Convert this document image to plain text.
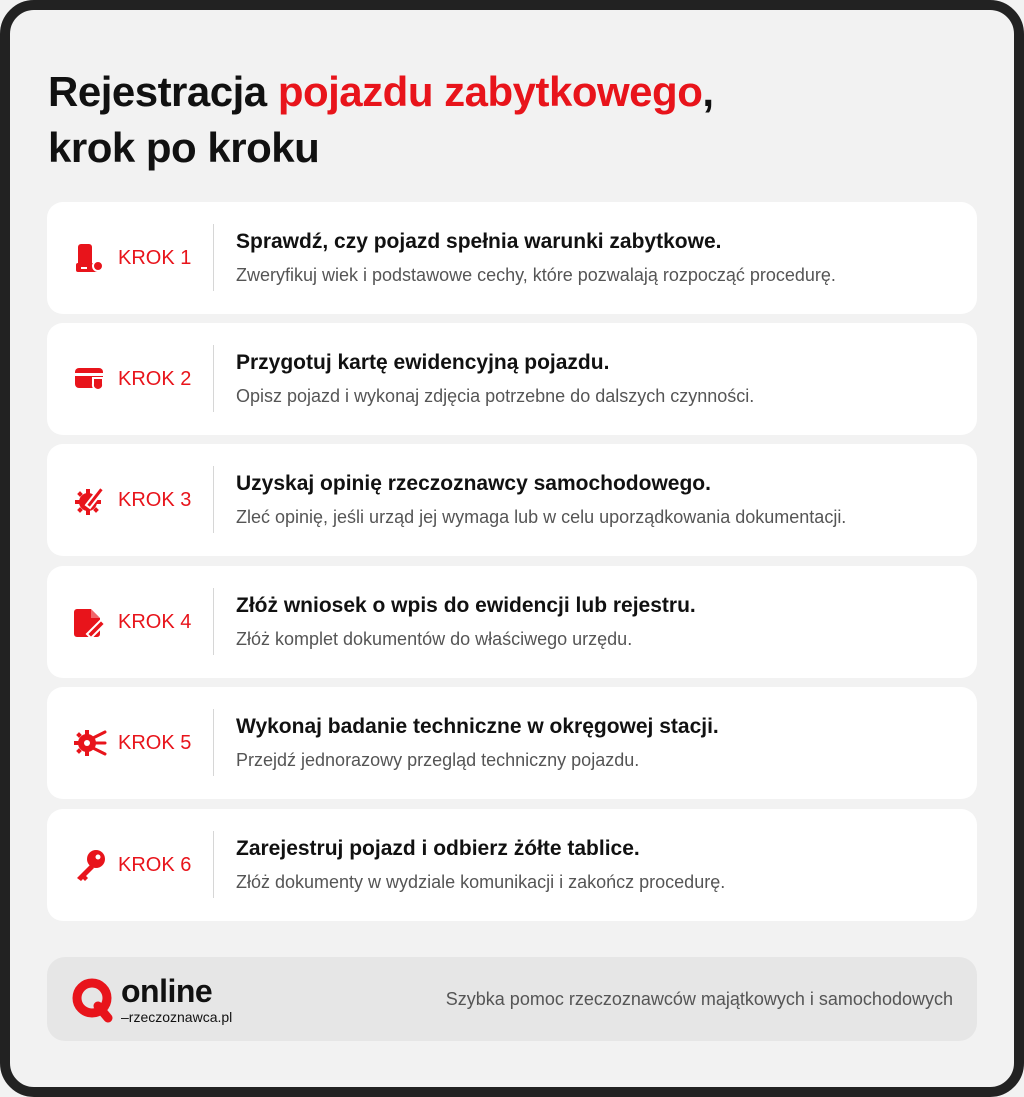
Rejestracja pojazdu zabytkowego,
krok po kroku
KROK 1
Sprawdź, czy pojazd spełnia warunki zabytkowe.
Zweryfikuj wiek i podstawowe cechy, które pozwalają rozpocząć procedurę.
KROK 2
Przygotuj kartę ewidencyjną pojazdu.
Opisz pojazd i wykonaj zdjęcia potrzebne do dalszych czynności.
KROK 3
Uzyskaj opinię rzeczoznawcy samochodowego.
Zleć opinię, jeśli urząd jej wymaga lub w celu uporządkowania dokumentacji.
KROK 4
Złóż wniosek o wpis do ewidencji lub rejestru.
Złóż komplet dokumentów do właściwego urzędu.
KROK 5
Wykonaj badanie techniczne w okręgowej stacji.
Przejdź jednorazowy przegląd techniczny pojazdu.
KROK 6
Zarejestruj pojazd i odbierz żółte tablice.
Złóż dokumenty w wydziale komunikacji i zakończ procedurę.
online
–rzeczoznawca.pl
Szybka pomoc rzeczoznawców majątkowych i samochodowych
